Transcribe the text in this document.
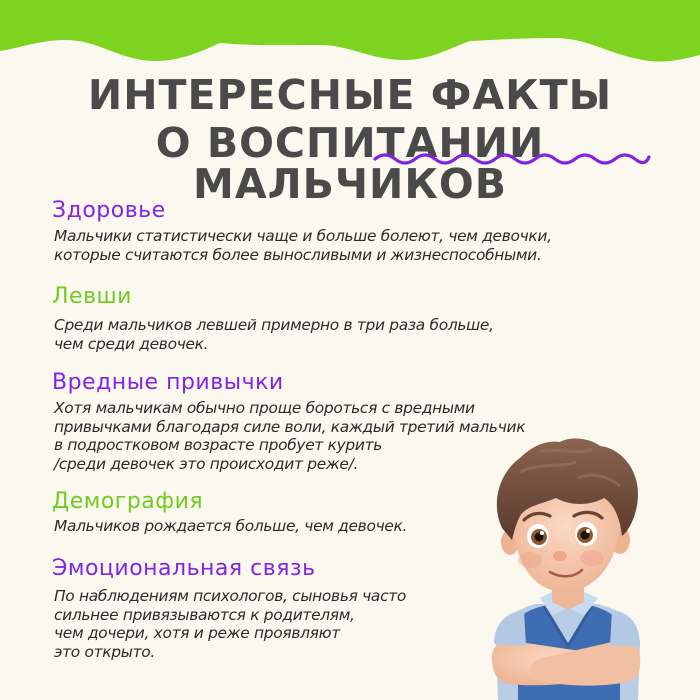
ИНТЕРЕСНЫЕ ФАКТЫ
О ВОСПИТАНИИ МАЛЬЧИКОВ
Здоровье
Мальчики статистически чаще и больше болеют, чем девочки,
которые считаются более выносливыми и жизнеспособными.
Левши
Среди мальчиков левшей примерно в три раза больше,
чем среди девочек.
Вредные привычки
Хотя мальчикам обычно проще бороться с вредными
привычками благодаря силе воли, каждый третий мальчик
в подростковом возрасте пробует курить
/среди девочек это происходит реже/.
Демография
Мальчиков рождается больше, чем девочек.
Эмоциональная связь
По наблюдениям психологов, сыновья часто
сильнее привязываются к родителям,
чем дочери, хотя и реже проявляют
это открыто.
